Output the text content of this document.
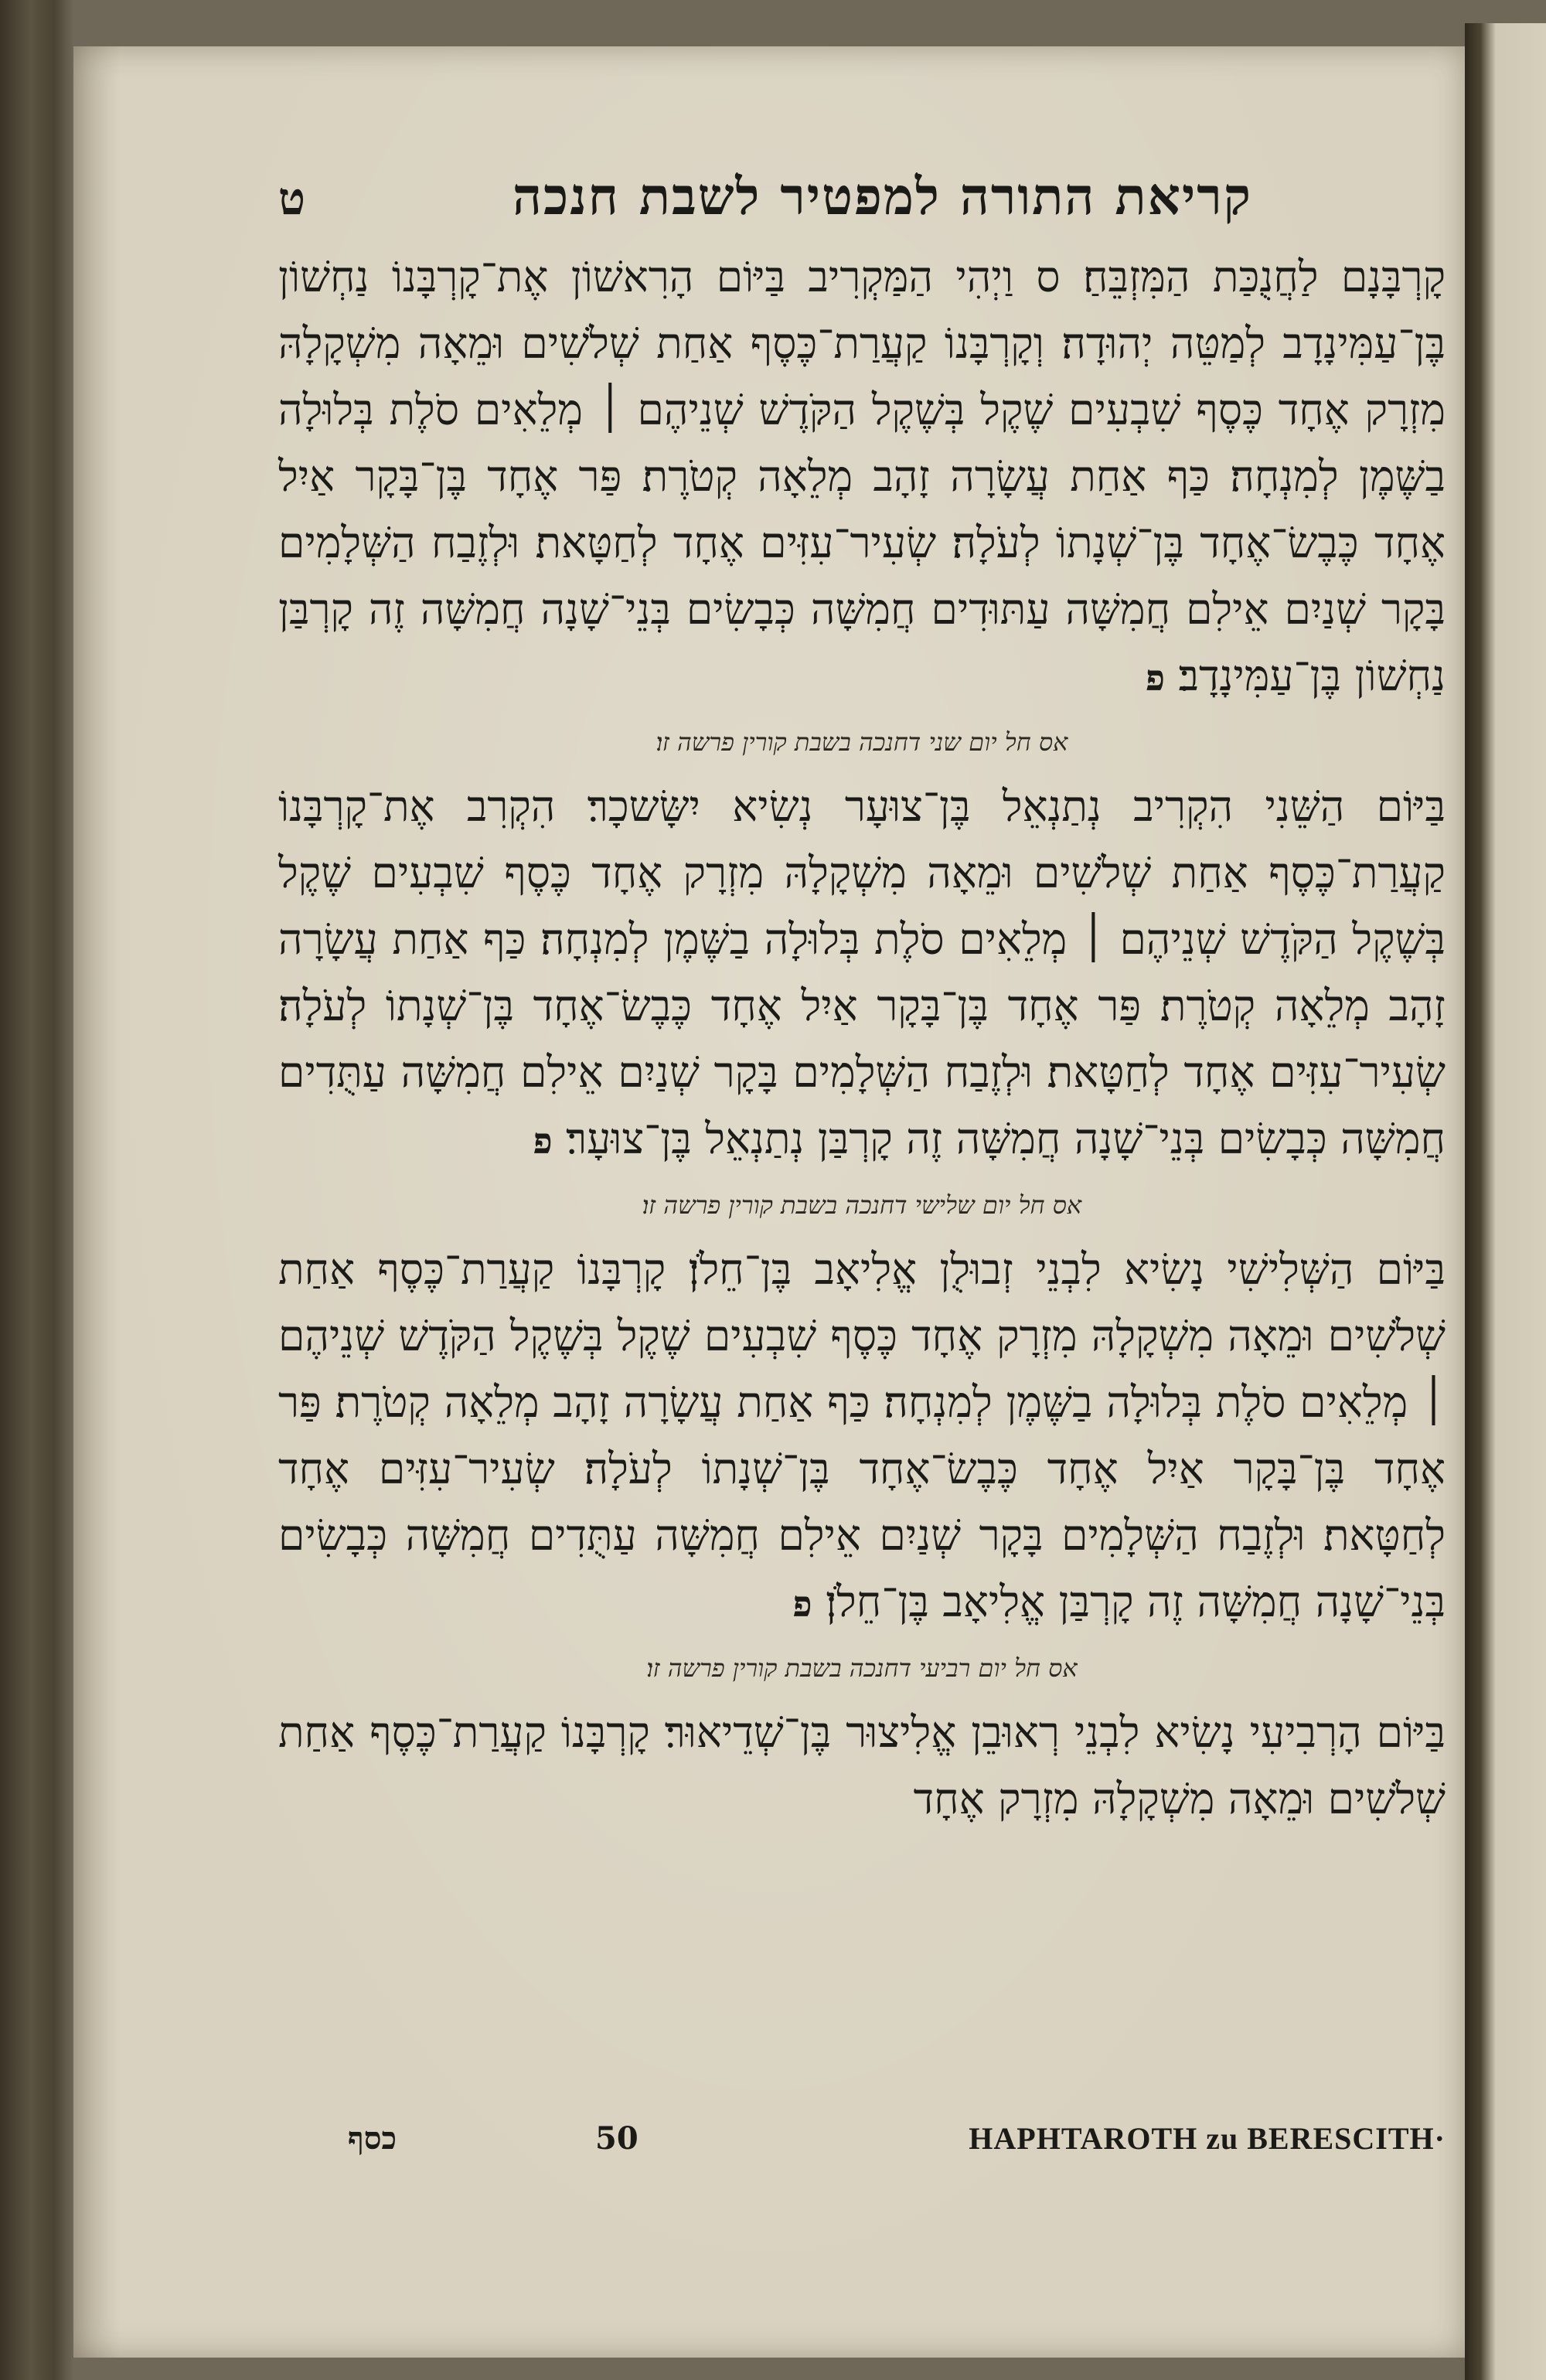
קריאת התורה למפטיר לשבת חנכה
ט

קָרְבָּנָם לַחֲנֻכַּת הַמִּזְבֵּחַ׃ ס וַיְהִי הַמַּקְרִיב בַּיּוֹם הָרִאשׁוֹן אֶת־קָרְבָּנוֹ נַחְשׁוֹן בֶּן־עַמִּינָדָב לְמַטֵּה יְהוּדָה׃ וְקָרְבָּנוֹ קַעֲרַת־כֶּסֶף אַחַת שְׁלֹשִׁים וּמֵאָה מִשְׁקָלָהּ מִזְרָק אֶחָד כֶּסֶף שִׁבְעִים שֶׁקֶל בְּשֶׁקֶל הַקֹּדֶשׁ שְׁנֵיהֶם ׀ מְלֵאִים סֹלֶת בְּלוּלָה בַשֶּׁמֶן לְמִנְחָה׃ כַּף אַחַת עֲשָׂרָה זָהָב מְלֵאָה קְטֹרֶת׃ פַּר אֶחָד בֶּן־בָּקָר אַיִל אֶחָד כֶּבֶשׂ־אֶחָד בֶּן־שְׁנָתוֹ לְעֹלָה׃ שְׂעִיר־עִזִּים אֶחָד לְחַטָּאת׃ וּלְזֶבַח הַשְּׁלָמִים בָּקָר שְׁנַיִם אֵילִם חֲמִשָּׁה עַתּוּדִים חֲמִשָּׁה כְּבָשִׂים בְּנֵי־שָׁנָה חֲמִשָּׁה זֶה קָרְבַּן נַחְשׁוֹן בֶּן־עַמִּינָדָב׃ פ

אס חל יום שני דחנכה בשבת קורין פרשה זו׃

בַּיּוֹם הַשֵּׁנִי הִקְרִיב נְתַנְאֵל בֶּן־צוּעָר נְשִׂיא יִשָּׂשכָר׃ הִקְרִב אֶת־קָרְבָּנוֹ קַעֲרַת־כֶּסֶף אַחַת שְׁלֹשִׁים וּמֵאָה מִשְׁקָלָהּ מִזְרָק אֶחָד כֶּסֶף שִׁבְעִים שֶׁקֶל בְּשֶׁקֶל הַקֹּדֶשׁ שְׁנֵיהֶם ׀ מְלֵאִים סֹלֶת בְּלוּלָה בַשֶּׁמֶן לְמִנְחָה׃ כַּף אַחַת עֲשָׂרָה זָהָב מְלֵאָה קְטֹרֶת׃ פַּר אֶחָד בֶּן־בָּקָר אַיִל אֶחָד כֶּבֶשׂ־אֶחָד בֶּן־שְׁנָתוֹ לְעֹלָה׃ שְׂעִיר־עִזִּים אֶחָד לְחַטָּאת׃ וּלְזֶבַח הַשְּׁלָמִים בָּקָר שְׁנַיִם אֵילִם חֲמִשָּׁה עַתֻּדִים חֲמִשָּׁה כְּבָשִׂים בְּנֵי־שָׁנָה חֲמִשָּׁה זֶה קָרְבַּן נְתַנְאֵל בֶּן־צוּעָר׃ פ

אס חל יום שלישי דחנכה בשבת קורין פרשה זו׃

בַּיּוֹם הַשְּׁלִישִׁי נָשִׂיא לִבְנֵי זְבוּלֻן אֱלִיאָב בֶּן־חֵלֹן׃ קָרְבָּנוֹ קַעֲרַת־כֶּסֶף אַחַת שְׁלֹשִׁים וּמֵאָה מִשְׁקָלָהּ מִזְרָק אֶחָד כֶּסֶף שִׁבְעִים שֶׁקֶל בְּשֶׁקֶל הַקֹּדֶשׁ שְׁנֵיהֶם ׀ מְלֵאִים סֹלֶת בְּלוּלָה בַשֶּׁמֶן לְמִנְחָה׃ כַּף אַחַת עֲשָׂרָה זָהָב מְלֵאָה קְטֹרֶת׃ פַּר אֶחָד בֶּן־בָּקָר אַיִל אֶחָד כֶּבֶשׂ־אֶחָד בֶּן־שְׁנָתוֹ לְעֹלָה׃ שְׂעִיר־עִזִּים אֶחָד לְחַטָּאת׃ וּלְזֶבַח הַשְּׁלָמִים בָּקָר שְׁנַיִם אֵילִם חֲמִשָּׁה עַתֻּדִים חֲמִשָּׁה כְּבָשִׂים בְּנֵי־שָׁנָה חֲמִשָּׁה זֶה קָרְבַּן אֱלִיאָב בֶּן־חֵלֹן׃ פ

אס חל יום רביעי דחנכה בשבת קורין פרשה זו׃

בַּיּוֹם הָרְבִיעִי נָשִׂיא לִבְנֵי רְאוּבֵן אֱלִיצוּר בֶּן־שְׁדֵיאוּר׃ קָרְבָּנוֹ קַעֲרַת־כֶּסֶף אַחַת שְׁלֹשִׁים וּמֵאָה מִשְׁקָלָהּ מִזְרָק אֶחָד

כסף	50	HAPHTAROTH zu BERESCITH·
